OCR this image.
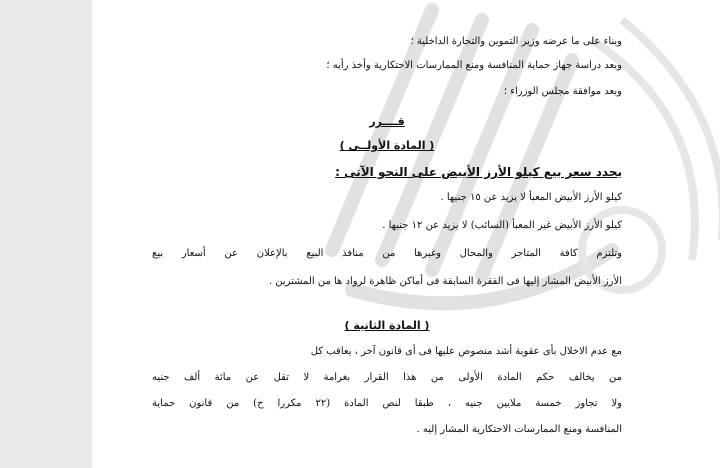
وبناء على ما عرضه وزير التموين والتجارة الداخلية ؛
وبعد دراسة جهاز حماية المنافسة ومنع الممارسات الاحتكارية وأخذ رأيه ؛
وبعد موافقة مجلس الوزراء ؛
قــــرر
( المادة الأولــى )
يحدد سعر بيع كيلو الأرز الأبيض على النحو الآتى :
كيلو الأرز الأبيض المعبأ لا يزيد عن ١٥ جنيها .
كيلو الأرز الأبيض غير المعبأ (السائب) لا يزيد عن ١٢ جنيها .
وتلتزم كافة المتاجر والمحال وغيرها من منافذ البيع بالإعلان عن أسعار بيع
الأرز الأبيض المشار إليها فى الفقرة السابقة فى أماكن ظاهرة لرواد ها من المشترين .
( المادة الثانية )
مع عدم الاخلال بأى عقوبة أشد منصوص عليها فى أى قانون آخر ، يعاقب كل
من يخالف حكم المادة الأولى من هذا القرار بغرامة لا تقل عن مائة ألف جنيه
ولا تجاوز خمسة ملايين جنيه ، طبقا لنص المادة (٢٢ مكررا ح) من قانون حماية
المنافسة ومنع الممارسات الاحتكارية المشار إليه .
